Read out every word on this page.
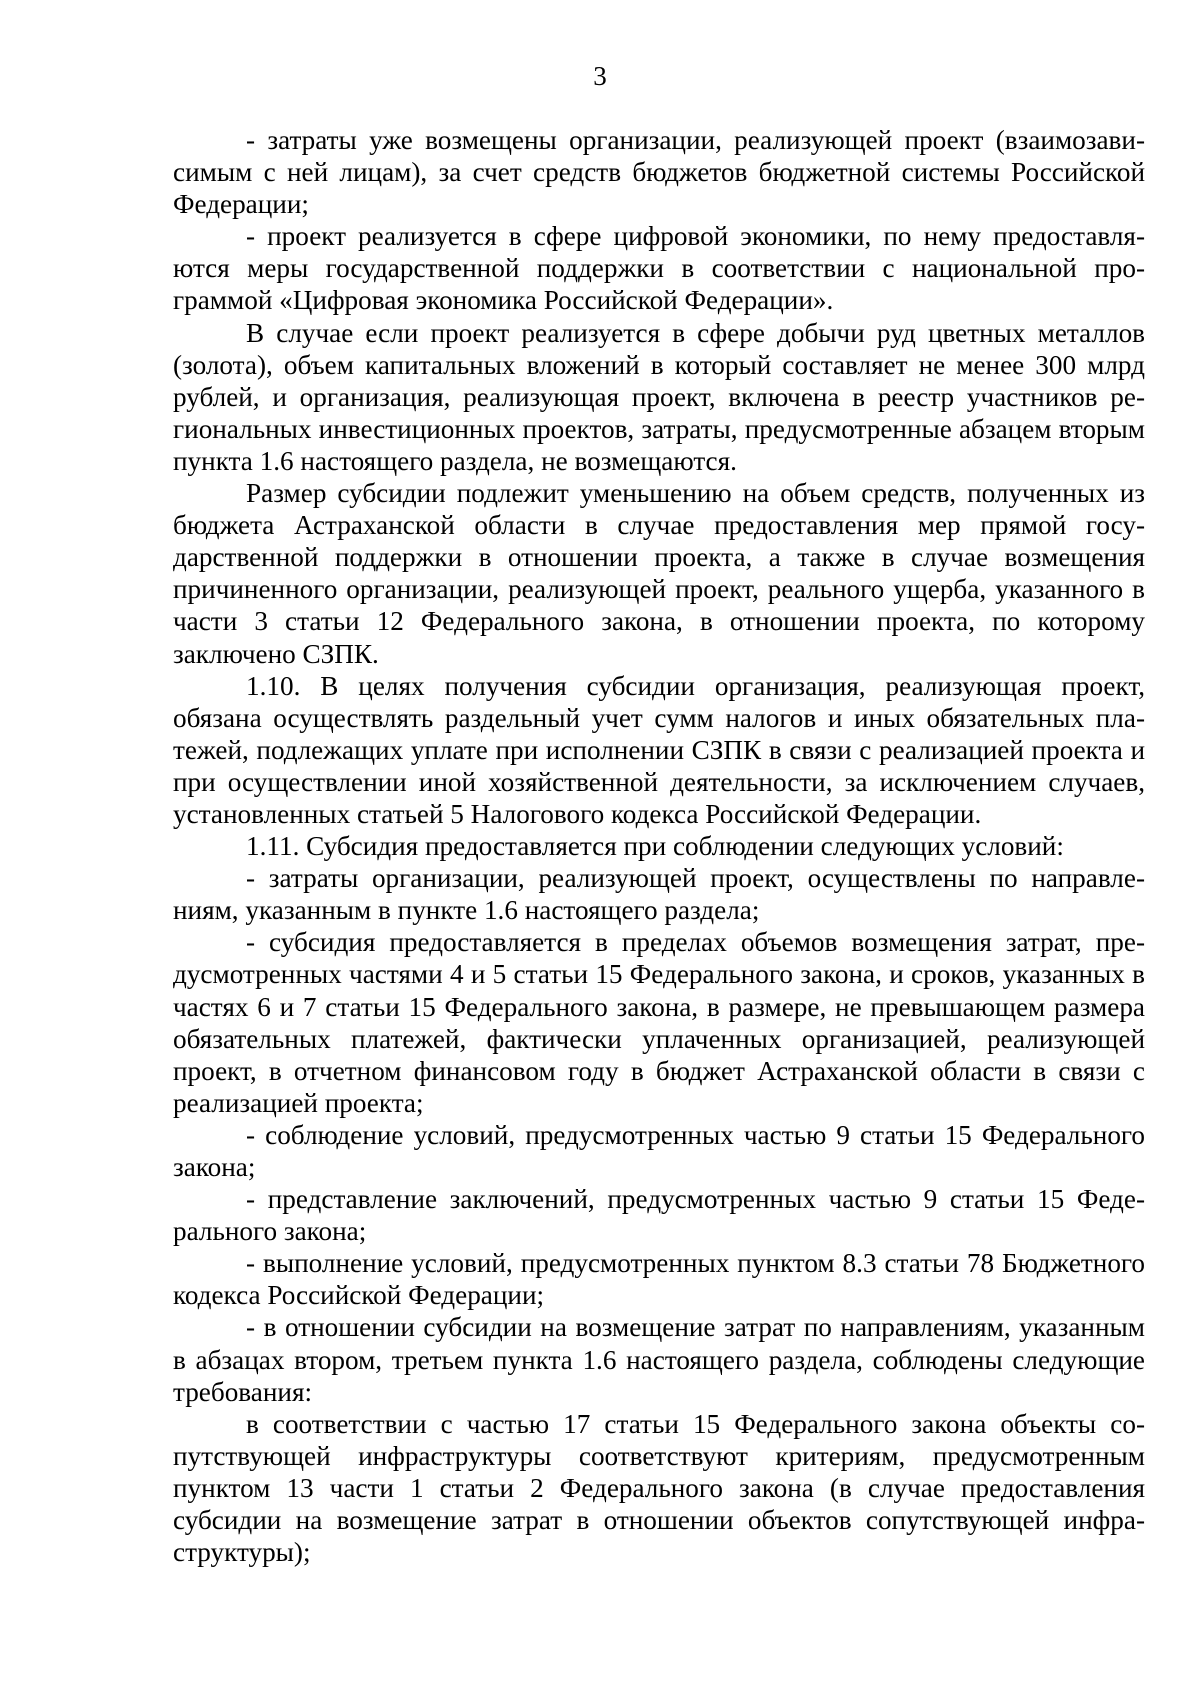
3

- затраты уже возмещены организации, реализующей проект (взаимозависимым с ней лицам), за счет средств бюджетов бюджетной системы Российской Федерации;

- проект реализуется в сфере цифровой экономики, по нему предоставляются меры государственной поддержки в соответствии с национальной программой «Цифровая экономика Российской Федерации».

В случае если проект реализуется в сфере добычи руд цветных металлов (золота), объем капитальных вложений в который составляет не менее 300 млрд рублей, и организация, реализующая проект, включена в реестр участников региональных инвестиционных проектов, затраты, предусмотренные абзацем вторым пункта 1.6 настоящего раздела, не возмещаются.

Размер субсидии подлежит уменьшению на объем средств, полученных из бюджета Астраханской области в случае предоставления мер прямой государственной поддержки в отношении проекта, а также в случае возмещения причиненного организации, реализующей проект, реального ущерба, указанного в части 3 статьи 12 Федерального закона, в отношении проекта, по которому заключено СЗПК.

1.10. В целях получения субсидии организация, реализующая проект, обязана осуществлять раздельный учет сумм налогов и иных обязательных платежей, подлежащих уплате при исполнении СЗПК в связи с реализацией проекта и при осуществлении иной хозяйственной деятельности, за исключением случаев, установленных статьей 5 Налогового кодекса Российской Федерации.

1.11. Субсидия предоставляется при соблюдении следующих условий:

- затраты организации, реализующей проект, осуществлены по направлениям, указанным в пункте 1.6 настоящего раздела;

- субсидия предоставляется в пределах объемов возмещения затрат, предусмотренных частями 4 и 5 статьи 15 Федерального закона, и сроков, указанных в частях 6 и 7 статьи 15 Федерального закона, в размере, не превышающем размера обязательных платежей, фактически уплаченных организацией, реализующей проект, в отчетном финансовом году в бюджет Астраханской области в связи с реализацией проекта;

- соблюдение условий, предусмотренных частью 9 статьи 15 Федерального закона;

- представление заключений, предусмотренных частью 9 статьи 15 Федерального закона;

- выполнение условий, предусмотренных пунктом 8.3 статьи 78 Бюджетного кодекса Российской Федерации;

- в отношении субсидии на возмещение затрат по направлениям, указанным в абзацах втором, третьем пункта 1.6 настоящего раздела, соблюдены следующие требования:

в соответствии с частью 17 статьи 15 Федерального закона объекты сопутствующей инфраструктуры соответствуют критериям, предусмотренным пунктом 13 части 1 статьи 2 Федерального закона (в случае предоставления субсидии на возмещение затрат в отношении объектов сопутствующей инфраструктуры);
